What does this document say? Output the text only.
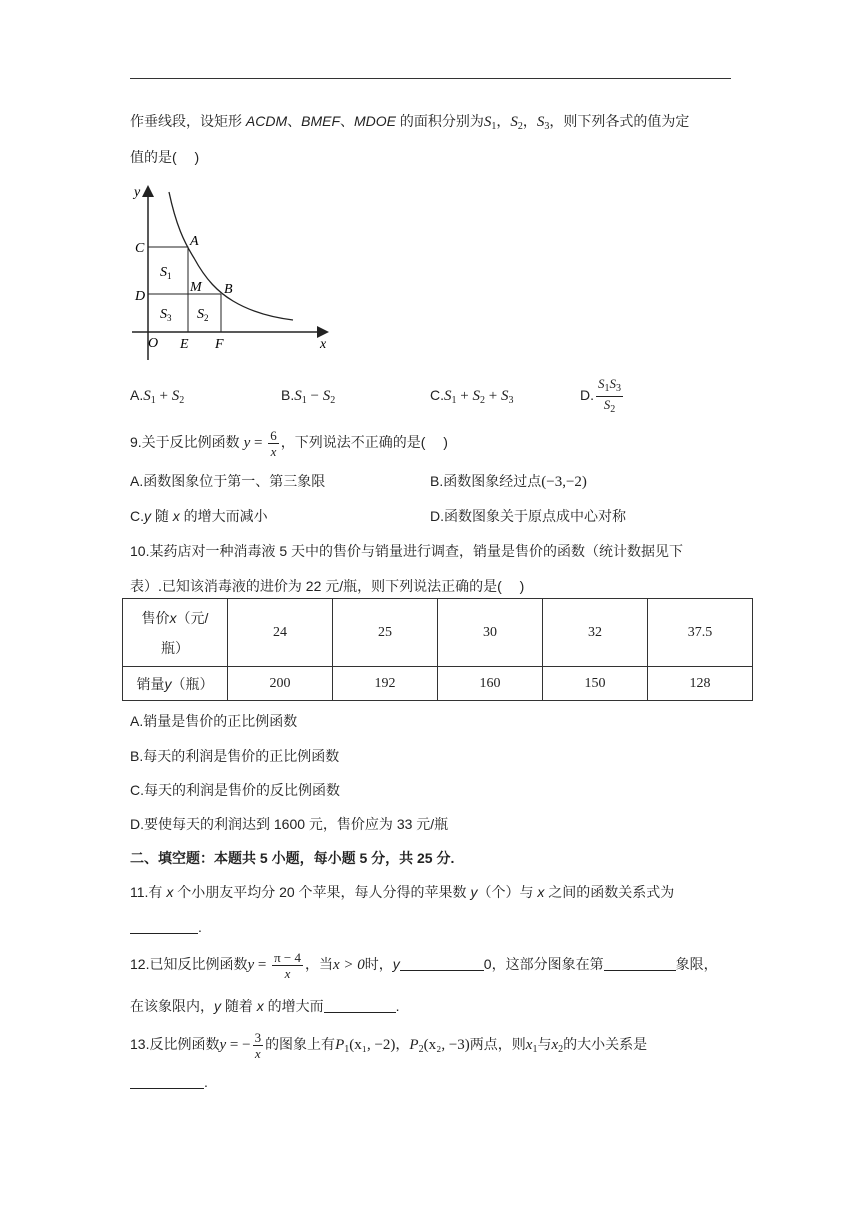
作垂线段，设矩形 ACDM、BMEF、MDOE 的面积分别为$S_1$，$S_2$，$S_3$，则下列各式的值为定
值的是(　 )
y
C	A
D
M B
O E F	x
$S_1$
$S_3$ $S_2$
$A.S_1 + S_2$	$B.S_1 - S_2$	$C.S_1 + S_2 + S_3$	D. $\frac{S_1S_3}{S_2}$
9.关于反比例函数 $y = \frac{6}{x}$ ，下列说法不正确的是(　 )
A.函数图象位于第一、第三象限	B.函数图象经过点(−3,−2)
C.y 随 x 的增大而减小	D.函数图象关于原点成中心对称
10.某药店对一种消毒液 5 天中的售价与销量进行调查，销量是售价的函数（统计数据见下
表）.已知该消毒液的进价为 22 元/瓶，则下列说法正确的是(　 )
售价x（元/
瓶）	24	25	30	32	37.5
销量y（瓶）	200	192	160	150	128
A.销量是售价的正比例函数
B.每天的利润是售价的正比例函数
C.每天的利润是售价的反比例函数
D.要使每天的利润达到 1600 元，售价应为 33 元/瓶
二、填空题：本题共 5 小题，每小题 5 分，共 25 分.
11.有 x 个小朋友平均分 20 个苹果，每人分得的苹果数 y（个）与 x 之间的函数关系式为
.
12.已知反比例函数$y = \frac{\pi - 4}{x}$ ，当x > 0时，y	0，这部分图象在第	象限，
在该象限内，y 随着 x 的增大而	.
13.反比例函数y = − $\frac{3}{x}$ 的图象上有$P_1(x_1$, −2)，$P_2(x_2$, −3)两点，则$x_1$与$x_2$的大小关系是
.
